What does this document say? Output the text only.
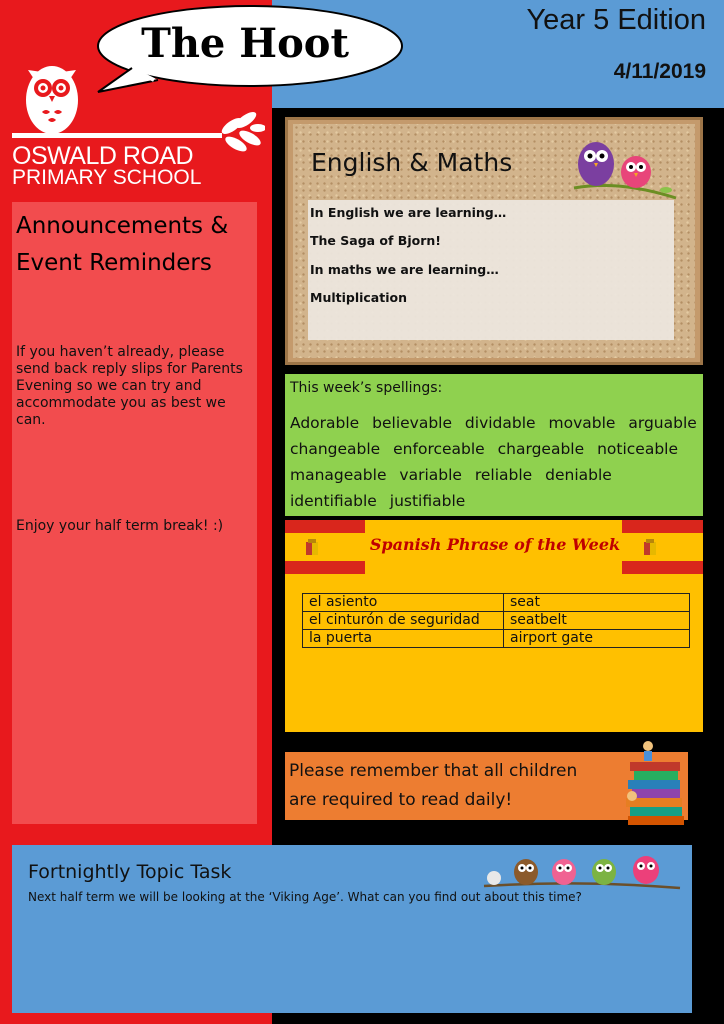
The Hoot	Year 5 Edition
4/11/2019
OSWALD ROAD
PRIMARY SCHOOL
Announcements & Event Reminders
If you haven’t already, please send back reply slips for Parents Evening so we can try and accommodate you as best we can.
Enjoy your half term break! :)
English & Maths
In English we are learning…
The Saga of Bjorn!
In maths we are learning…
Multiplication
This week’s spellings:
Adorable believable dividable movable arguable changeable enforceable chargeable noticeable manageable variable reliable deniable identifiable justifiable
Spanish Phrase of the Week
el asiento	seat
el cinturón de seguridad	seatbelt
la puerta	airport gate
Please remember that all children are required to read daily!
Fortnightly Topic Task
Next half term we will be looking at the ‘Viking Age’. What can you find out about this time?
